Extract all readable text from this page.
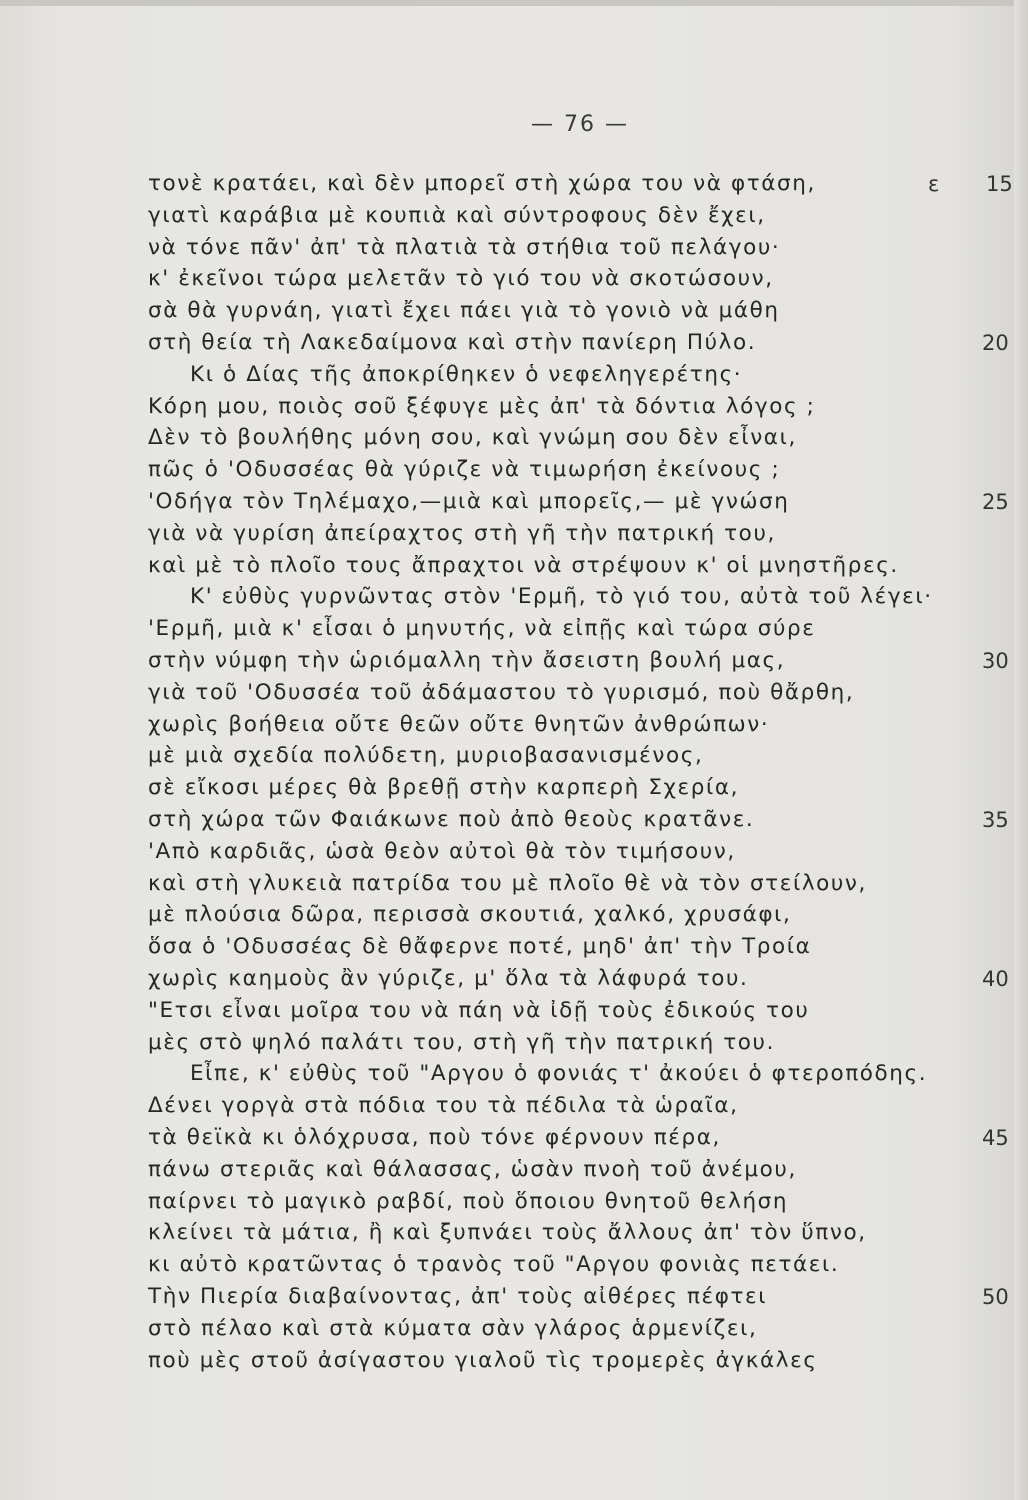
— 76 —
ε
τονὲ κρατάει, καὶ δὲν μπορεῖ στὴ χώρα του νὰ φτάση,	15
γιατὶ καράβια μὲ κουπιὰ καὶ σύντροφους δὲν ἔχει,
νὰ τόνε πᾶν' ἀπ' τὰ πλατιὰ τὰ στήθια τοῦ πελάγου·
κ' ἐκεῖνοι τώρα μελετᾶν τὸ γιό του νὰ σκοτώσουν,
σὰ θὰ γυρνάη, γιατὶ ἔχει πάει γιὰ τὸ γονιὸ νὰ μάθη
στὴ θεία τὴ Λακεδαίμονα καὶ στὴν πανίερη Πύλο.	20
Κι ὁ Δίας τῆς ἀποκρίθηκεν ὁ νεφεληγερέτης·
Κόρη μου, ποιὸς σοῦ ξέφυγε μὲς ἀπ' τὰ δόντια λόγος ;
Δὲν τὸ βουλήθης μόνη σου, καὶ γνώμη σου δὲν εἶναι,
πῶς ὁ 'Οδυσσέας θὰ γύριζε νὰ τιμωρήση ἐκείνους ;
'Οδήγα τὸν Τηλέμαχο,—μιὰ καὶ μπορεῖς,— μὲ γνώση	25
γιὰ νὰ γυρίση ἀπείραχτος στὴ γῆ τὴν πατρική του,
καὶ μὲ τὸ πλοῖο τους ἄπραχτοι νὰ στρέψουν κ' οἱ μνηστῆρες.
Κ' εὐθὺς γυρνῶντας στὸν 'Ερμῆ, τὸ γιό του, αὐτὰ τοῦ λέγει·
'Ερμῆ, μιὰ κ' εἶσαι ὁ μηνυτής, νὰ εἰπῇς καὶ τώρα σύρε
στὴν νύμφη τὴν ὡριόμαλλη τὴν ἄσειστη βουλή μας,	30
γιὰ τοῦ 'Οδυσσέα τοῦ ἀδάμαστου τὸ γυρισμό, ποὺ θἄρθη,
χωρὶς βοήθεια οὔτε θεῶν οὔτε θνητῶν ἀνθρώπων·
μὲ μιὰ σχεδία πολύδετη, μυριοβασανισμένος,
σὲ εἴκοσι μέρες θὰ βρεθῇ στὴν καρπερὴ Σχερία,
στὴ χώρα τῶν Φαιάκωνε ποὺ ἀπὸ θεοὺς κρατᾶνε.	35
'Απὸ καρδιᾶς, ὡσὰ θεὸν αὐτοὶ θὰ τὸν τιμήσουν,
καὶ στὴ γλυκειὰ πατρίδα του μὲ πλοῖο θὲ νὰ τὸν στείλουν,
μὲ πλούσια δῶρα, περισσὰ σκουτιά, χαλκό, χρυσάφι,
ὅσα ὁ 'Οδυσσέας δὲ θἄφερνε ποτέ, μηδ' ἀπ' τὴν Τροία
χωρὶς καημοὺς ἂν γύριζε, μ' ὅλα τὰ λάφυρά του.	40
"Ετσι εἶναι μοῖρα του νὰ πάη νὰ ἰδῇ τοὺς ἐδικούς του
μὲς στὸ ψηλό παλάτι του, στὴ γῆ τὴν πατρική του.
Εἶπε, κ' εὐθὺς τοῦ "Αργου ὁ φονιάς τ' ἀκούει ὁ φτεροπόδης.
Δένει γοργὰ στὰ πόδια του τὰ πέδιλα τὰ ὡραῖα,
τὰ θεϊκὰ κι ὁλόχρυσα, ποὺ τόνε φέρνουν πέρα,	45
πάνω στεριᾶς καὶ θάλασσας, ὡσὰν πνοὴ τοῦ ἀνέμου,
παίρνει τὸ μαγικὸ ραβδί, ποὺ ὅποιου θνητοῦ θελήση
κλείνει τὰ μάτια, ἢ καὶ ξυπνάει τοὺς ἄλλους ἀπ' τὸν ὕπνο,
κι αὐτὸ κρατῶντας ὁ τρανὸς τοῦ "Αργου φονιὰς πετάει.
Τὴν Πιερία διαβαίνοντας, ἀπ' τοὺς αἰθέρες πέφτει	50
στὸ πέλαο καὶ στὰ κύματα σὰν γλάρος ἁρμενίζει,
ποὺ μὲς στοῦ ἀσίγαστου γιαλοῦ τὶς τρομερὲς ἀγκάλες
